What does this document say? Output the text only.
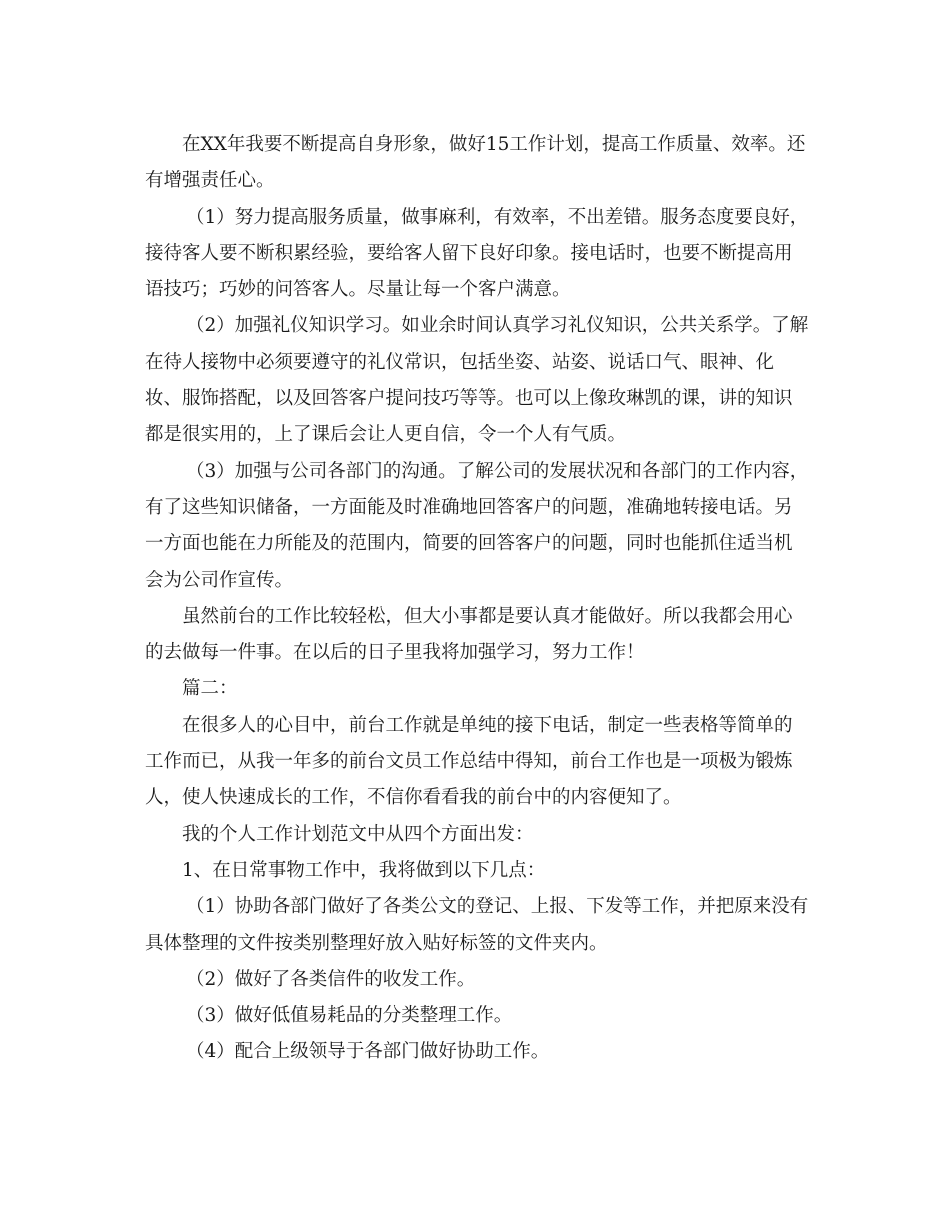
在XX年我要不断提高自身形象，做好15工作计划，提高工作质量、效率。还有增强责任心。

（1）努力提高服务质量，做事麻利，有效率，不出差错。服务态度要良好，接待客人要不断积累经验，要给客人留下良好印象。接电话时，也要不断提高用语技巧；巧妙的问答客人。尽量让每一个客户满意。

（2）加强礼仪知识学习。如业余时间认真学习礼仪知识，公共关系学。了解在待人接物中必须要遵守的礼仪常识，包括坐姿、站姿、说话口气、眼神、化妆、服饰搭配，以及回答客户提问技巧等等。也可以上像玫琳凯的课，讲的知识都是很实用的，上了课后会让人更自信，令一个人有气质。

（3）加强与公司各部门的沟通。了解公司的发展状况和各部门的工作内容，有了这些知识储备，一方面能及时准确地回答客户的问题，准确地转接电话。另一方面也能在力所能及的范围内，简要的回答客户的问题，同时也能抓住适当机会为公司作宣传。

虽然前台的工作比较轻松，但大小事都是要认真才能做好。所以我都会用心的去做每一件事。在以后的日子里我将加强学习，努力工作！

篇二：

在很多人的心目中，前台工作就是单纯的接下电话，制定一些表格等简单的工作而已，从我一年多的前台文员工作总结中得知，前台工作也是一项极为锻炼人，使人快速成长的工作，不信你看看我的前台中的内容便知了。

我的个人工作计划范文中从四个方面出发：

1、在日常事物工作中，我将做到以下几点：

（1）协助各部门做好了各类公文的登记、上报、下发等工作，并把原来没有具体整理的文件按类别整理好放入贴好标签的文件夹内。

（2）做好了各类信件的收发工作。

（3）做好低值易耗品的分类整理工作。

（4）配合上级领导于各部门做好协助工作。
